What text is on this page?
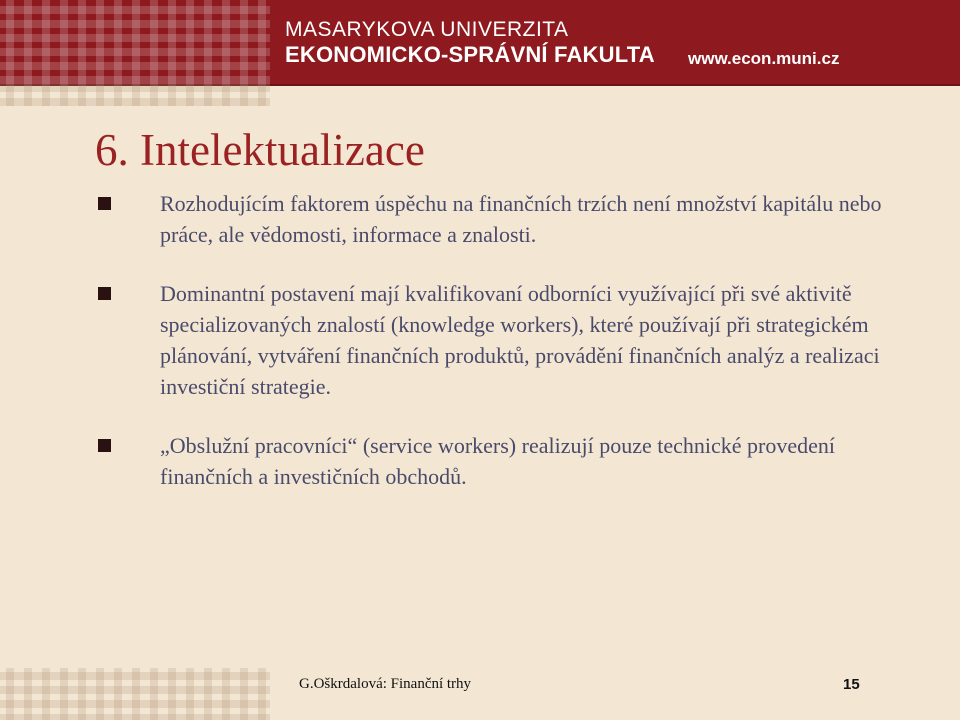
MASARYKOVA UNIVERZITA
EKONOMICKO-SPRÁVNÍ FAKULTA www.econ.muni.cz
6. Intelektualizace
Rozhodujícím faktorem úspěchu na finančních trzích není množství kapitálu nebo práce, ale vědomosti, informace a znalosti.
Dominantní postavení mají kvalifikovaní odborníci využívající při své aktivitě specializovaných znalostí (knowledge workers), které používají při strategickém plánování, vytváření finančních produktů, provádění finančních analýz a realizaci investiční strategie.
„Obslužní pracovníci“ (service workers) realizují pouze technické provedení finančních a investičních obchodů.
G.Oškrdalová: Finanční trhy	15
